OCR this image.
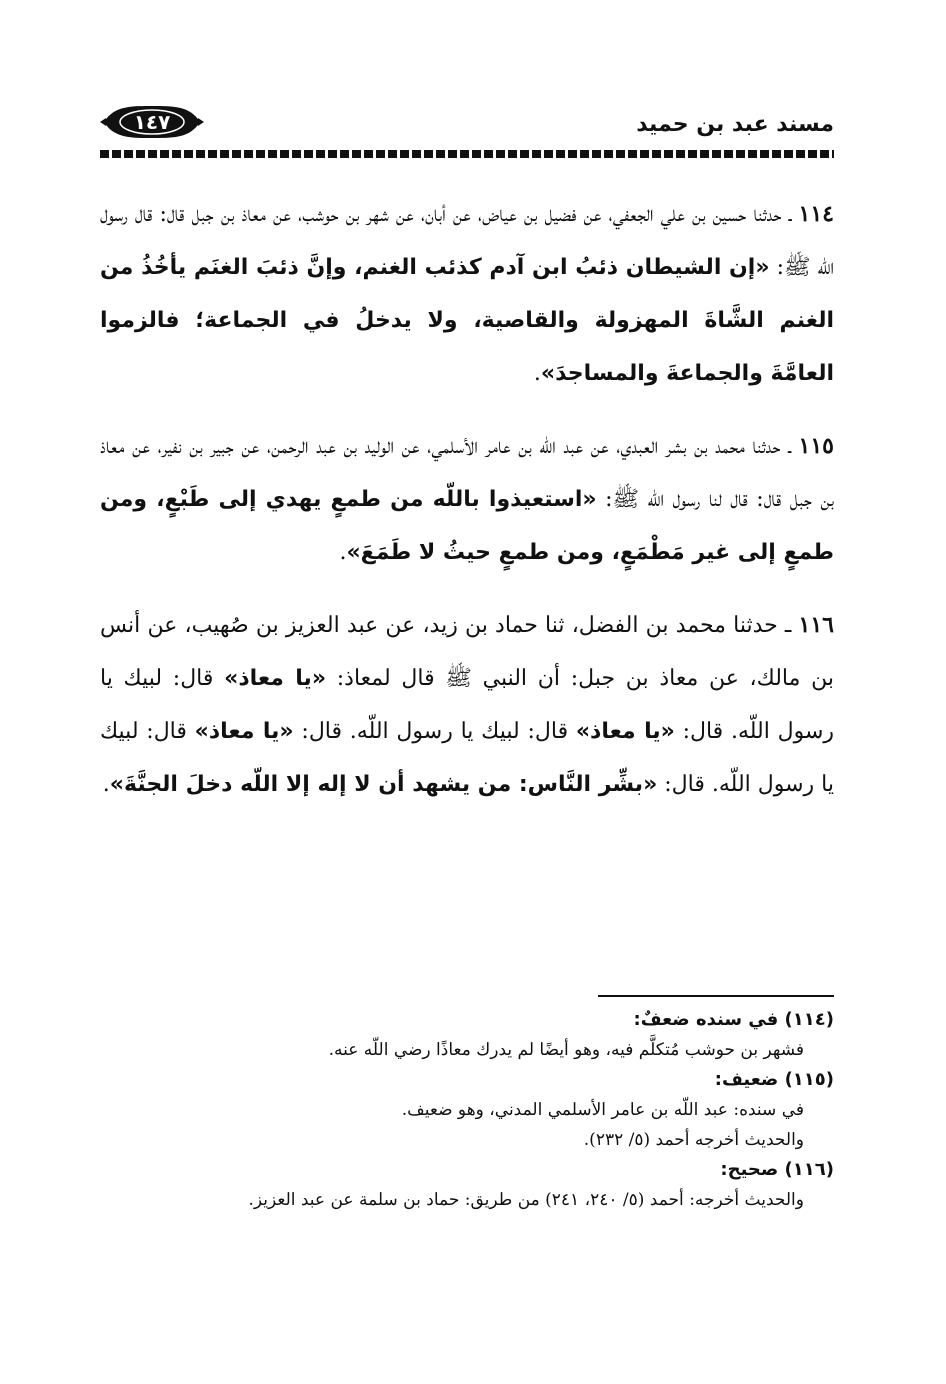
مسند عبد بن حميد
١٤٧

١١٤ ـ حدثنا حسين بن علي الجعفي، عن فضيل بن عياض، عن أبان، عن شهر بن حوشب، عن معاذ بن جبل قال: قال رسول اللّه ﷺ: «إن الشيطان ذئبُ ابن آدم كذئب الغنم، وإنَّ ذئبَ الغنَم يأخُذُ من الغنم الشَّاةَ المهزولة والقاصية، ولا يدخلُ في الجماعة؛ فالزموا العامَّةَ والجماعةَ والمساجدَ».

١١٥ ـ حدثنا محمد بن بشر العبدي، عن عبد اللّه بن عامر الأسلمي، عن الوليد بن عبد الرحمن، عن جبير بن نفير، عن معاذ بن جبل قال: قال لنا رسول اللّه ﷺ: «استعيذوا باللّه من طمعٍ يهدي إلى طَبْعٍ، ومن طمعٍ إلى غير مَطْمَعٍ، ومن طمعٍ حيثُ لا طَمَعَ».

١١٦ ـ حدثنا محمد بن الفضل، ثنا حماد بن زيد، عن عبد العزيز بن صُهيب، عن أنس بن مالك، عن معاذ بن جبل: أن النبي ﷺ قال لمعاذ: «يا معاذ» قال: لبيك يا رسول اللّه. قال: «يا معاذ» قال: لبيك يا رسول اللّه. قال: «يا معاذ» قال: لبيك يا رسول اللّه. قال: «بشِّر النَّاس: من يشهد أن لا إله إلا اللّه دخلَ الجنَّةَ».

(١١٤) في سنده ضعفٌ:
فشهر بن حوشب مُتكلَّم فيه، وهو أيضًا لم يدرك معاذًا رضي اللّه عنه.
(١١٥) ضعيف:
في سنده: عبد اللّه بن عامر الأسلمي المدني، وهو ضعيف.
والحديث أخرجه أحمد (٥/ ٢٣٢).
(١١٦) صحيح:
والحديث أخرجه: أحمد (٥/ ٢٤٠، ٢٤١) من طريق: حماد بن سلمة عن عبد العزيز.
